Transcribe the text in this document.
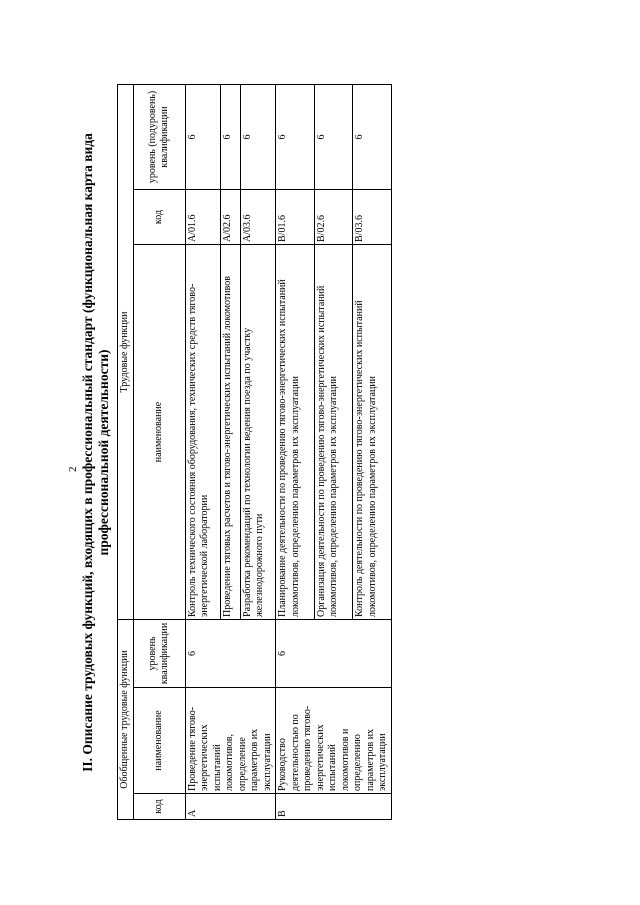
2 II. Описание трудовых функций, входящих в профессиональный стандарт (функциональная карта вида профессиональной деятельности)
Обобщенные трудовые функции			Трудовые функции		
код	наименование	уровень квалификации	наименование	код	уровень (подуровень) квалификации
A	Проведение тягово-энергетических испытаний локомотивов, определение параметров их эксплуатации	6	Контроль технического состояния оборудования, технических средств тягово-энергетической лаборатории	A/01.6	6
			Проведение тяговых расчетов и тягово-энергетических испытаний локомотивов	A/02.6	6
			Разработка рекомендаций по технологии ведения поезда по участку железнодорожного пути	A/03.6	6
B	Руководство деятельностью по проведению тягово-энергетических испытаний локомотивов и определению параметров их эксплуатации	6	Планирование деятельности по проведению тягово-энергетических испытаний локомотивов, определению параметров их эксплуатации	B/01.6	6
			Организация деятельности по проведению тягово-энергетических испытаний локомотивов, определению параметров их эксплуатации	B/02.6	6
			Контроль деятельности по проведению тягово-энергетических испытаний локомотивов, определению параметров их эксплуатации	B/03.6	6
